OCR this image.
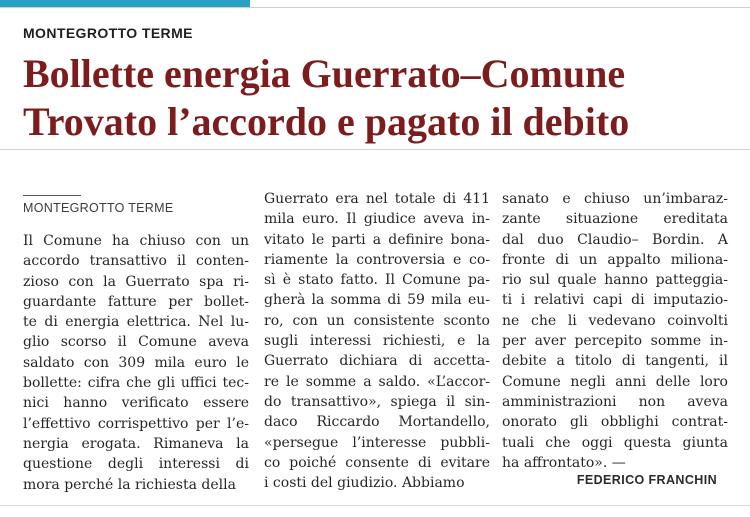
MONTEGROTTO TERME
Bollette energia Guerrato–Comune
Trovato l’accordo e pagato il debito
MONTEGROTTO TERME
Il Comune ha chiuso con un
accordo transattivo il conten-
zioso con la Guerrato spa ri-
guardante fatture per bollet-
te di energia elettrica. Nel lu-
glio scorso il Comune aveva
saldato con 309 mila euro le
bollette: cifra che gli uffici tec-
nici hanno verificato essere
l’effettivo corrispettivo per l’e-
nergia erogata. Rimaneva la
questione degli interessi di
mora perché la richiesta della
Guerrato era nel totale di 411
mila euro. Il giudice aveva in-
vitato le parti a definire bona-
riamente la controversia e co-
sì è stato fatto. Il Comune pa-
gherà la somma di 59 mila eu-
ro, con un consistente sconto
sugli interessi richiesti, e la
Guerrato dichiara di accetta-
re le somme a saldo. «L’accor-
do transattivo», spiega il sin-
daco Riccardo Mortandello,
«persegue l’interesse pubbli-
co poiché consente di evitare
i costi del giudizio. Abbiamo
sanato e chiuso un’imbaraz-
zante situazione ereditata
dal duo Claudio– Bordin. A
fronte di un appalto miliona-
rio sul quale hanno patteggia-
ti i relativi capi di imputazio-
ne che li vedevano coinvolti
per aver percepito somme in-
debite a titolo di tangenti, il
Comune negli anni delle loro
amministrazioni non aveva
onorato gli obblighi contrat-
tuali che oggi questa giunta
ha affrontato». —
FEDERICO FRANCHIN
